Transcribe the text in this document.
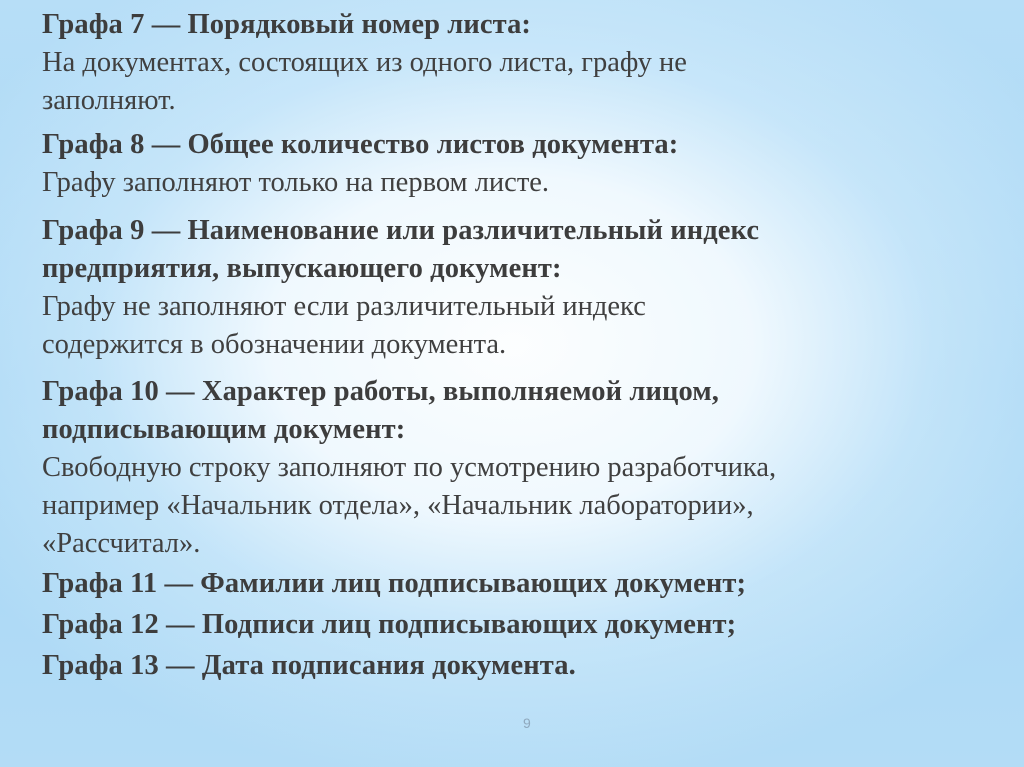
Графа 7 — Порядковый номер листа:
На документах, состоящих из одного листа, графу не
заполняют.
Графа 8 — Общее количество листов документа:
Графу заполняют только на первом листе.
Графа 9 — Наименование или различительный индекс
предприятия, выпускающего документ:
Графу не заполняют если различительный индекс
содержится в обозначении документа.
Графа 10 — Характер работы, выполняемой лицом,
подписывающим документ:
Свободную строку заполняют по усмотрению разработчика,
например «Начальник отдела», «Начальник лаборатории»,
«Рассчитал».
Графа 11 — Фамилии лиц подписывающих документ;
Графа 12 — Подписи лиц подписывающих документ;
Графа 13 — Дата подписания документа.
9
